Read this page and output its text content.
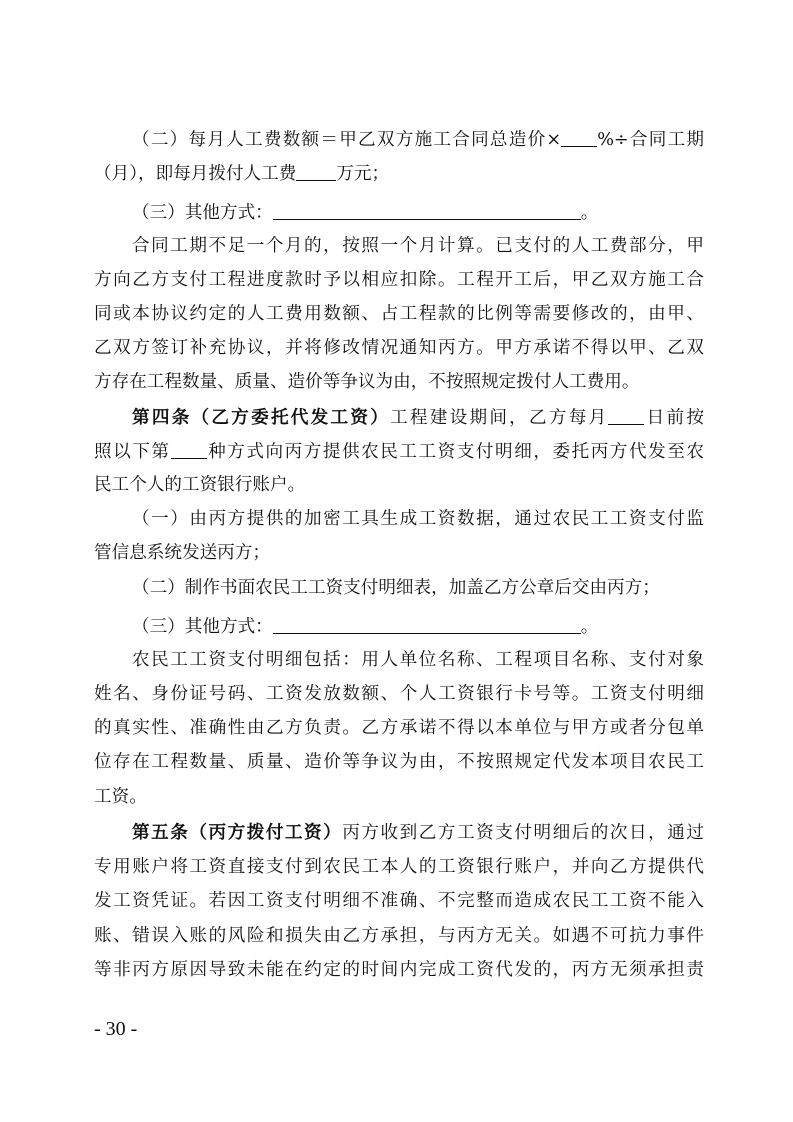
（二）每月人工费数额＝甲乙双方施工合同总造价× %÷合同工期
（月），即每月拨付人工费 万元；
（三）其他方式：	。
合同工期不足一个月的，按照一个月计算。已支付的人工费部分，甲
方向乙方支付工程进度款时予以相应扣除。工程开工后，甲乙双方施工合
同或本协议约定的人工费用数额、占工程款的比例等需要修改的，由甲、
乙双方签订补充协议，并将修改情况通知丙方。甲方承诺不得以甲、乙双
方存在工程数量、质量、造价等争议为由，不按照规定拨付人工费用。
第四条（乙方委托代发工资）工程建设期间，乙方每月 日前按
照以下第 种方式向丙方提供农民工工资支付明细，委托丙方代发至农
民工个人的工资银行账户。
（一）由丙方提供的加密工具生成工资数据，通过农民工工资支付监
管信息系统发送丙方；
（二）制作书面农民工工资支付明细表，加盖乙方公章后交由丙方；
（三）其他方式：	。
农民工工资支付明细包括：用人单位名称、工程项目名称、支付对象
姓名、身份证号码、工资发放数额、个人工资银行卡号等。工资支付明细
的真实性、准确性由乙方负责。乙方承诺不得以本单位与甲方或者分包单
位存在工程数量、质量、造价等争议为由，不按照规定代发本项目农民工
工资。
第五条（丙方拨付工资）丙方收到乙方工资支付明细后的次日，通过
专用账户将工资直接支付到农民工本人的工资银行账户，并向乙方提供代
发工资凭证。若因工资支付明细不准确、不完整而造成农民工工资不能入
账、错误入账的风险和损失由乙方承担，与丙方无关。如遇不可抗力事件
等非丙方原因导致未能在约定的时间内完成工资代发的，丙方无须承担责
- 30 -
